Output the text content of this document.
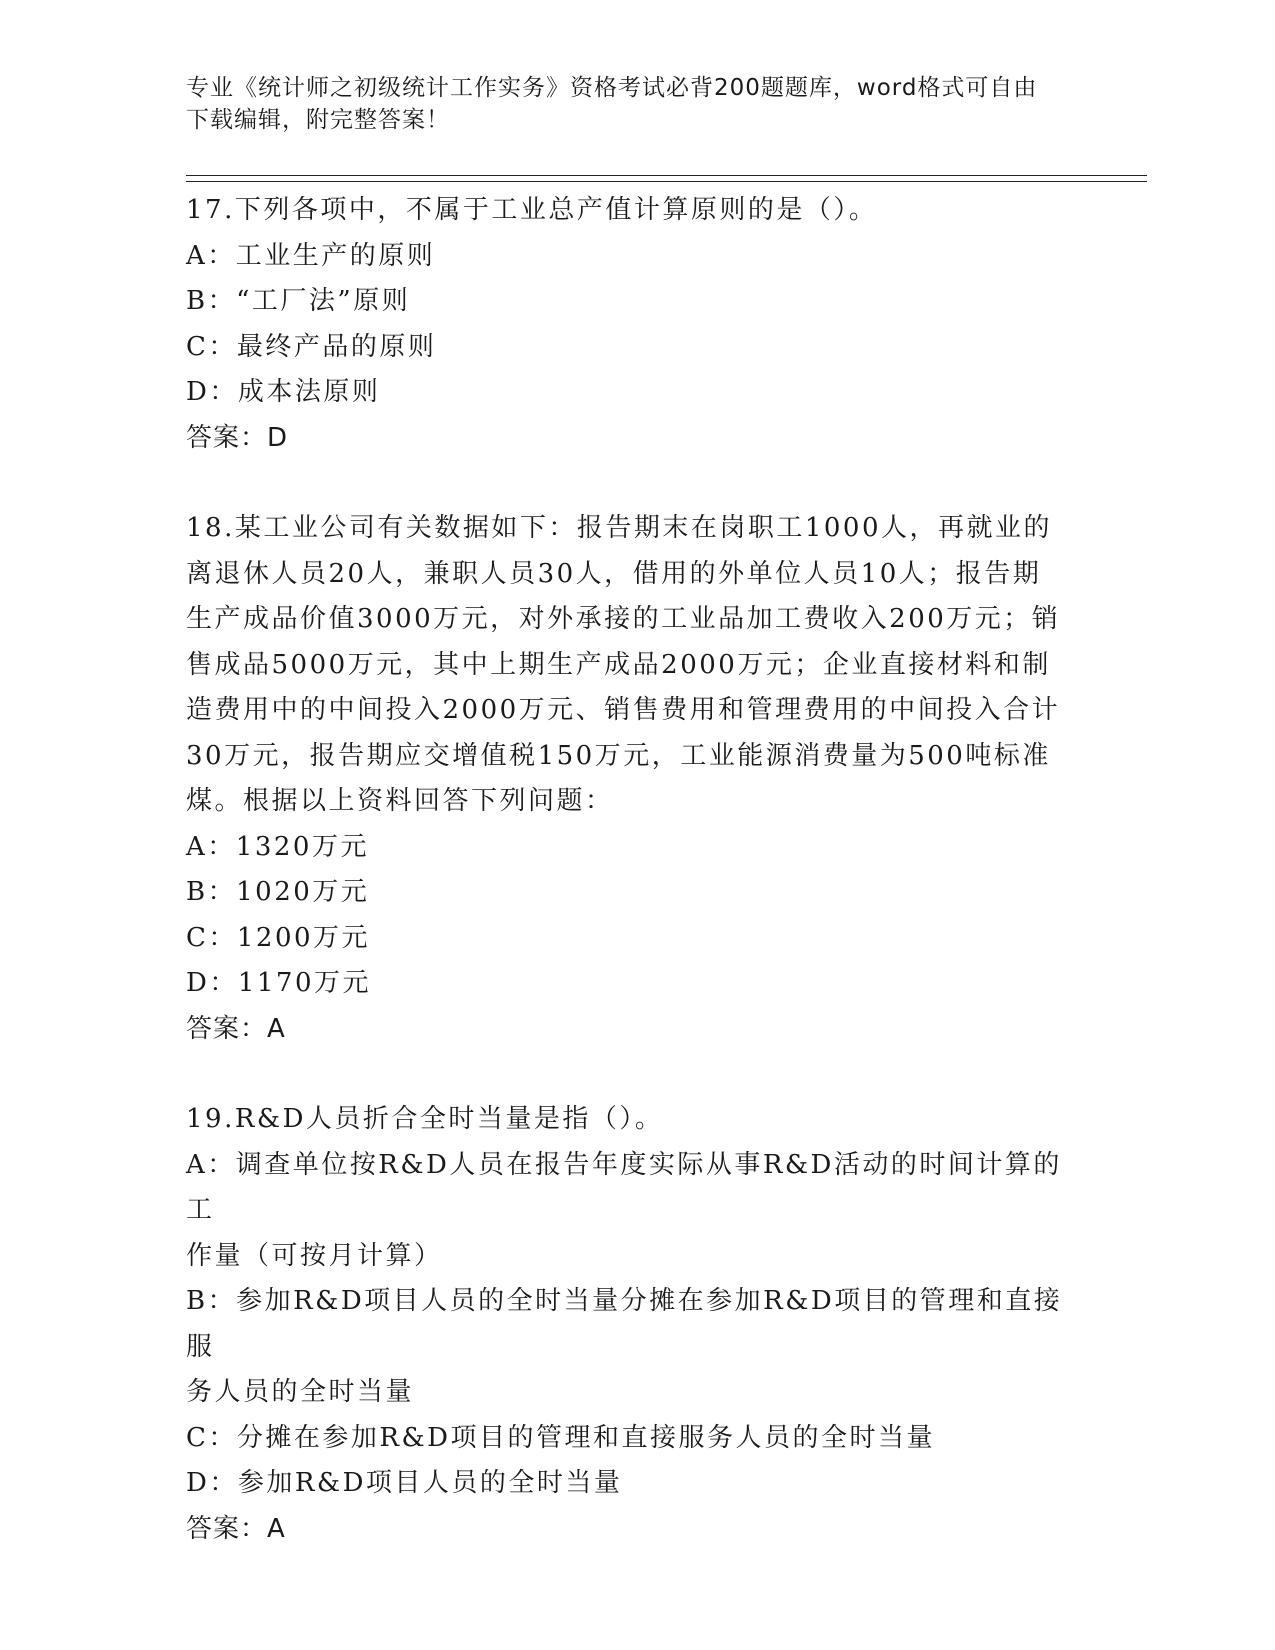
专业《统计师之初级统计工作实务》资格考试必背200题题库，word格式可自由
下载编辑，附完整答案！

17.下列各项中，不属于工业总产值计算原则的是（）。

A：工业生产的原则

B：“工厂法”原则

C：最终产品的原则

D：成本法原则

答案：D

18.某工业公司有关数据如下：报告期末在岗职工1000人，再就业的

离退休人员20人，兼职人员30人，借用的外单位人员10人；报告期

生产成品价值3000万元，对外承接的工业品加工费收入200万元；销

售成品5000万元，其中上期生产成品2000万元；企业直接材料和制

造费用中的中间投入2000万元、销售费用和管理费用的中间投入合计

30万元，报告期应交增值税150万元，工业能源消费量为500吨标准

煤。根据以上资料回答下列问题：

A：1320万元

B：1020万元

C：1200万元

D：1170万元

答案：A

19.R&D人员折合全时当量是指（）。

A：调查单位按R&D人员在报告年度实际从事R&D活动的时间计算的工

作量（可按月计算）

B：参加R&D项目人员的全时当量分摊在参加R&D项目的管理和直接服

务人员的全时当量

C：分摊在参加R&D项目的管理和直接服务人员的全时当量

D：参加R&D项目人员的全时当量

答案：A
